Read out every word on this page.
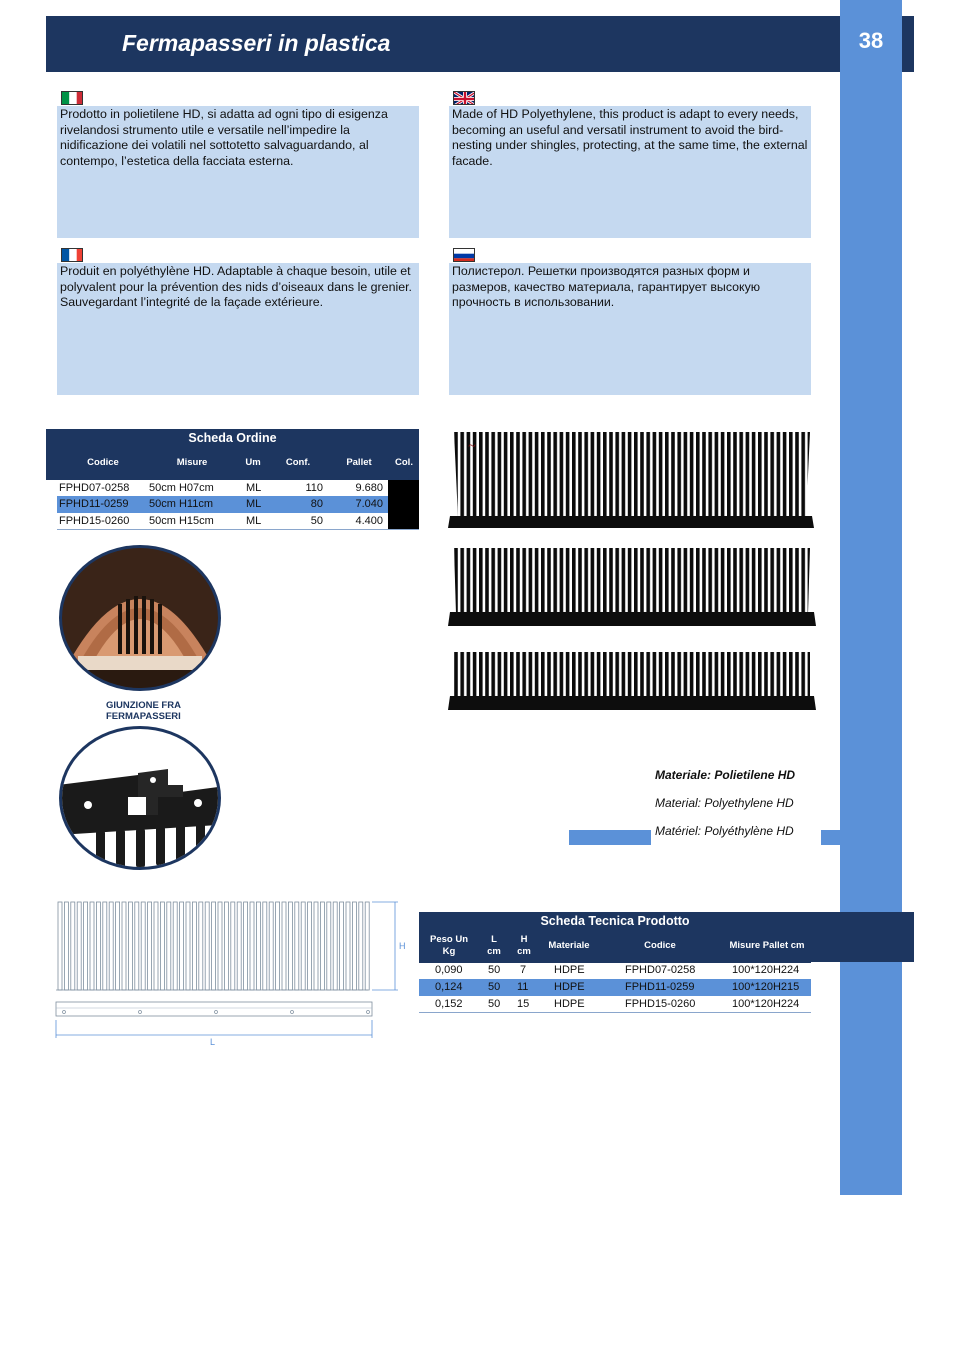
Fermapasseri in plastica	38
Prodotto in polietilene HD, si adatta ad ogni tipo di esigenza rivelandosi strumento utile e versatile nell’impedire la nidificazione dei volatili nel sottotetto salvaguardando, al contempo, l’estetica della facciata esterna.
Made of HD Polyethylene, this product is adapt to every needs, becoming an useful and versatil instrument to avoid the bird-nesting under shingles, protecting, at the same time, the external facade.
Produit en polyéthylène HD. Adaptable à chaque besoin, utile et polyvalent pour la prévention des nids d’oiseaux dans le grenier. Sauvegardant l’integrité de la façade extérieure.
Полистерол. Решетки производятся разных форм и размеров, качество материала, гарантирует высокую прочность в использовании.
Scheda Ordine
Codice	Misure	Um	Conf.	Pallet	Col.
FPHD07-0258 50cm H07cm	ML	110	9.680
FPHD11-0259 50cm H11cm	ML	80	7.040
FPHD15-0260 50cm H15cm	ML	50	4.400
~
GIUNZIONE FRA
FERMAPASSERI
Materiale: Polietilene HD
Material: Polyethylene HD
Matériel: Polyéthylène HD
H
L
Scheda Tecnica Prodotto
Peso Un
Kg
L
cm
H
cm
Materiale	Codice	Misure Pallet cm
0,090 50 7	HDPE	FPHD07-0258	100*120H224
0,124 50 11 HDPE	FPHD11-0259	100*120H215
0,152 50 15 HDPE	FPHD15-0260	100*120H224
